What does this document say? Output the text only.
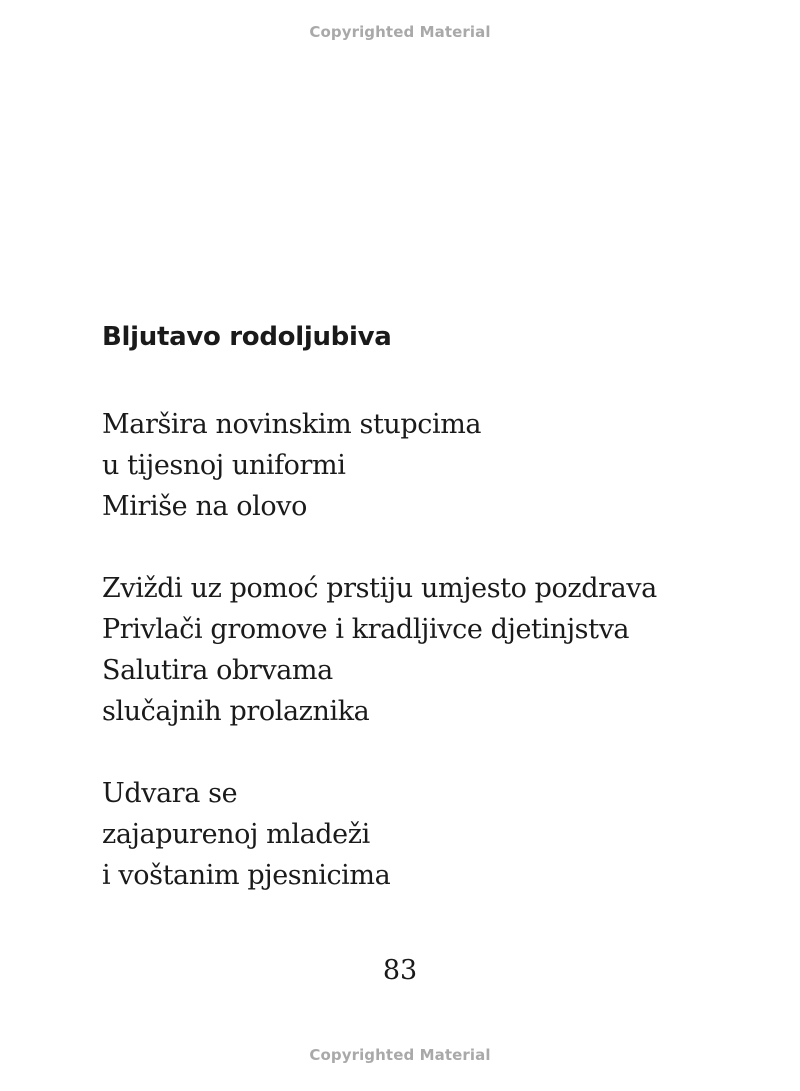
Copyrighted Material
Bljutavo rodoljubiva

Maršira novinskim stupcima
u tijesnoj uniformi
Miriše na olovo

Zviždi uz pomoć prstiju umjesto pozdrava
Privlači gromove i kradljivce djetinjstva
Salutira obrvama
slučajnih prolaznika

Udvara se
zajapurenoj mladeži
i voštanim pjesnicima

83
Copyrighted Material
